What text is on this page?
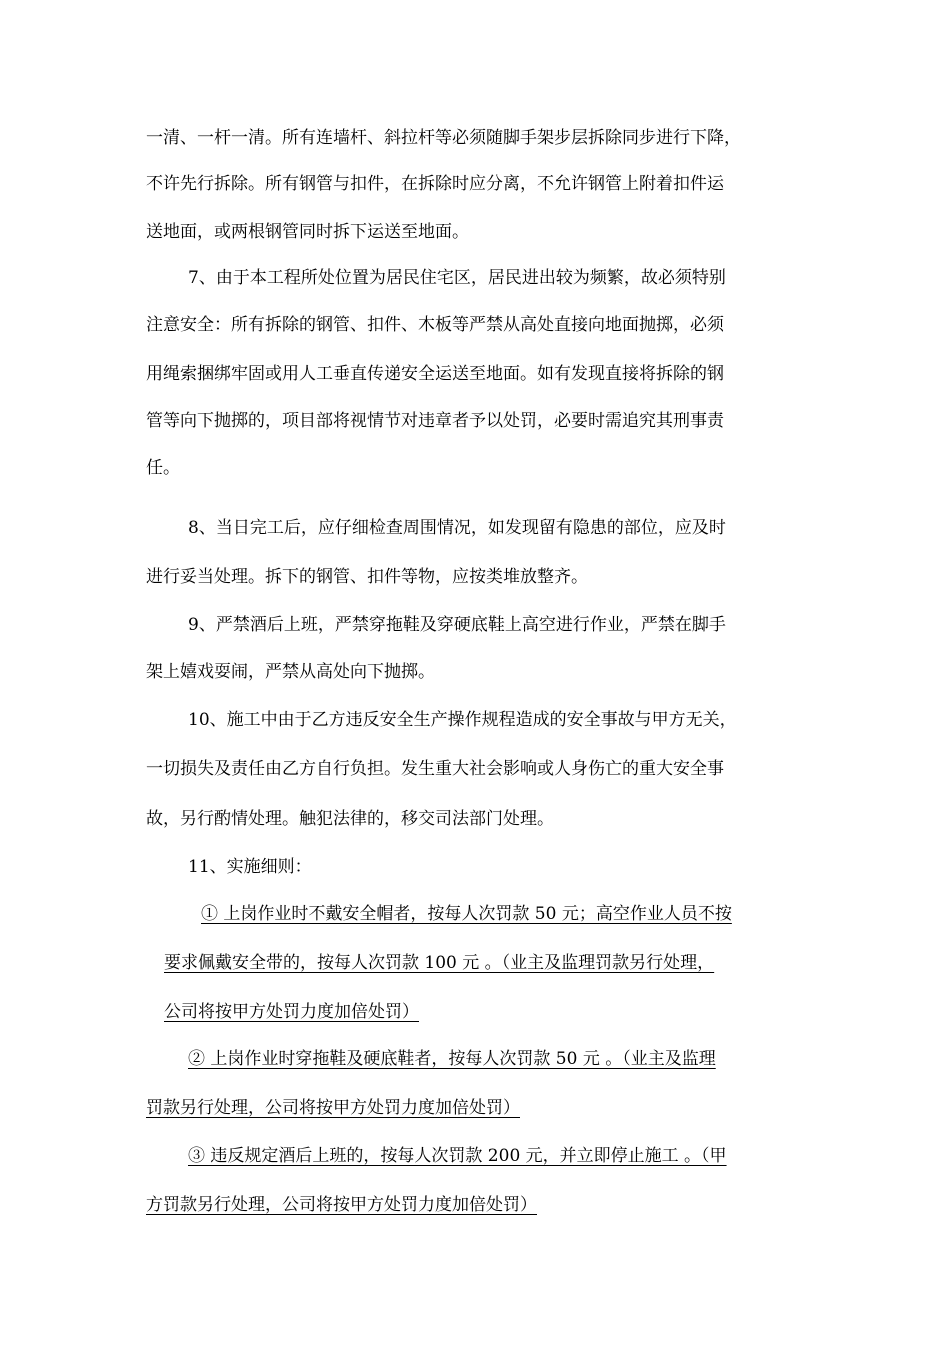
一清、一杆一清。所有连墙杆、斜拉杆等必须随脚手架步层拆除同步进行下降，
不许先行拆除。所有钢管与扣件，在拆除时应分离，不允许钢管上附着扣件运
送地面，或两根钢管同时拆下运送至地面。
7、由于本工程所处位置为居民住宅区，居民进出较为频繁，故必须特别
注意安全：所有拆除的钢管、扣件、木板等严禁从高处直接向地面抛掷，必须
用绳索捆绑牢固或用人工垂直传递安全运送至地面。如有发现直接将拆除的钢
管等向下抛掷的，项目部将视情节对违章者予以处罚，必要时需追究其刑事责
任。
8、当日完工后，应仔细检查周围情况，如发现留有隐患的部位，应及时
进行妥当处理。拆下的钢管、扣件等物，应按类堆放整齐。
9、严禁酒后上班，严禁穿拖鞋及穿硬底鞋上高空进行作业，严禁在脚手
架上嬉戏耍闹，严禁从高处向下抛掷。
10、施工中由于乙方违反安全生产操作规程造成的安全事故与甲方无关，
一切损失及责任由乙方自行负担。发生重大社会影响或人身伤亡的重大安全事
故，另行酌情处理。触犯法律的，移交司法部门处理。
11、实施细则：
① 上岗作业时不戴安全帽者，按每人次罚款 50 元；高空作业人员不按
要求佩戴安全带的，按每人次罚款 100 元 。（业主及监理罚款另行处理，
公司将按甲方处罚力度加倍处罚）
② 上岗作业时穿拖鞋及硬底鞋者，按每人次罚款 50 元 。（业主及监理
罚款另行处理，公司将按甲方处罚力度加倍处罚）
③ 违反规定酒后上班的，按每人次罚款 200 元，并立即停止施工 。（甲
方罚款另行处理，公司将按甲方处罚力度加倍处罚）
